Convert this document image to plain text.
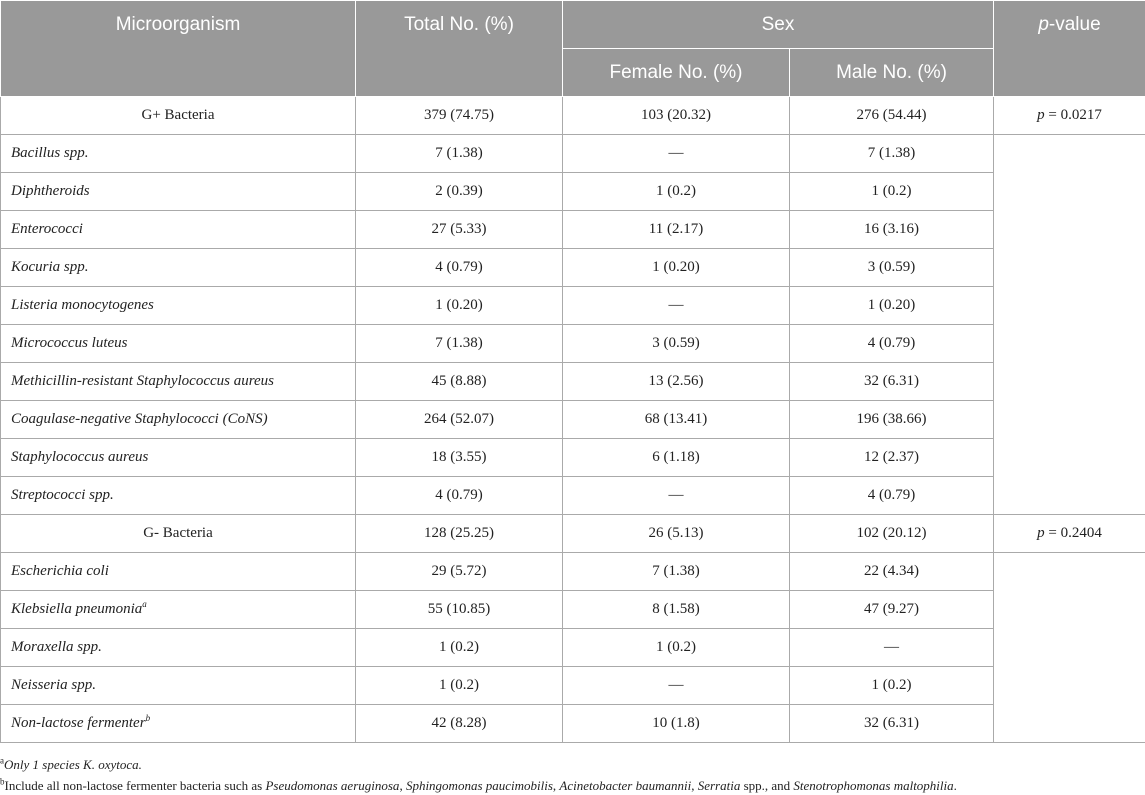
Microorganism	Total No. (%)	Sex		p-value
		Female No. (%)	Male No. (%)	
G+ Bacteria	379 (74.75)	103 (20.32)	276 (54.44)	p = 0.0217
Bacillus spp.	7 (1.38)	—	7 (1.38)	
Diphtheroids	2 (0.39)	1 (0.2)	1 (0.2)	
Enterococci	27 (5.33)	11 (2.17)	16 (3.16)	
Kocuria spp.	4 (0.79)	1 (0.20)	3 (0.59)	
Listeria monocytogenes	1 (0.20)	—	1 (0.20)	
Micrococcus luteus	7 (1.38)	3 (0.59)	4 (0.79)	
Methicillin-resistant Staphylococcus aureus	45 (8.88)	13 (2.56)	32 (6.31)	
Coagulase-negative Staphylococci (CoNS)	264 (52.07)	68 (13.41)	196 (38.66)	
Staphylococcus aureus	18 (3.55)	6 (1.18)	12 (2.37)	
Streptococci spp.	4 (0.79)	—	4 (0.79)	
G- Bacteria	128 (25.25)	26 (5.13)	102 (20.12)	p = 0.2404
Escherichia coli	29 (5.72)	7 (1.38)	22 (4.34)	
Klebsiella pneumonia$^a$	55 (10.85)	8 (1.58)	47 (9.27)	
Moraxella spp.	1 (0.2)	1 (0.2)	—	
Neisseria spp.	1 (0.2)	—	1 (0.2)	
Non-lactose fermenter$^b$	42 (8.28)	10 (1.8)	32 (6.31)	
$^a$Only 1 species K. oxytoca.
$^b$Include all non-lactose fermenter bacteria such as Pseudomonas aeruginosa, Sphingomonas paucimobilis, Acinetobacter baumannii, Serratia spp., and Stenotrophomonas maltophilia.
